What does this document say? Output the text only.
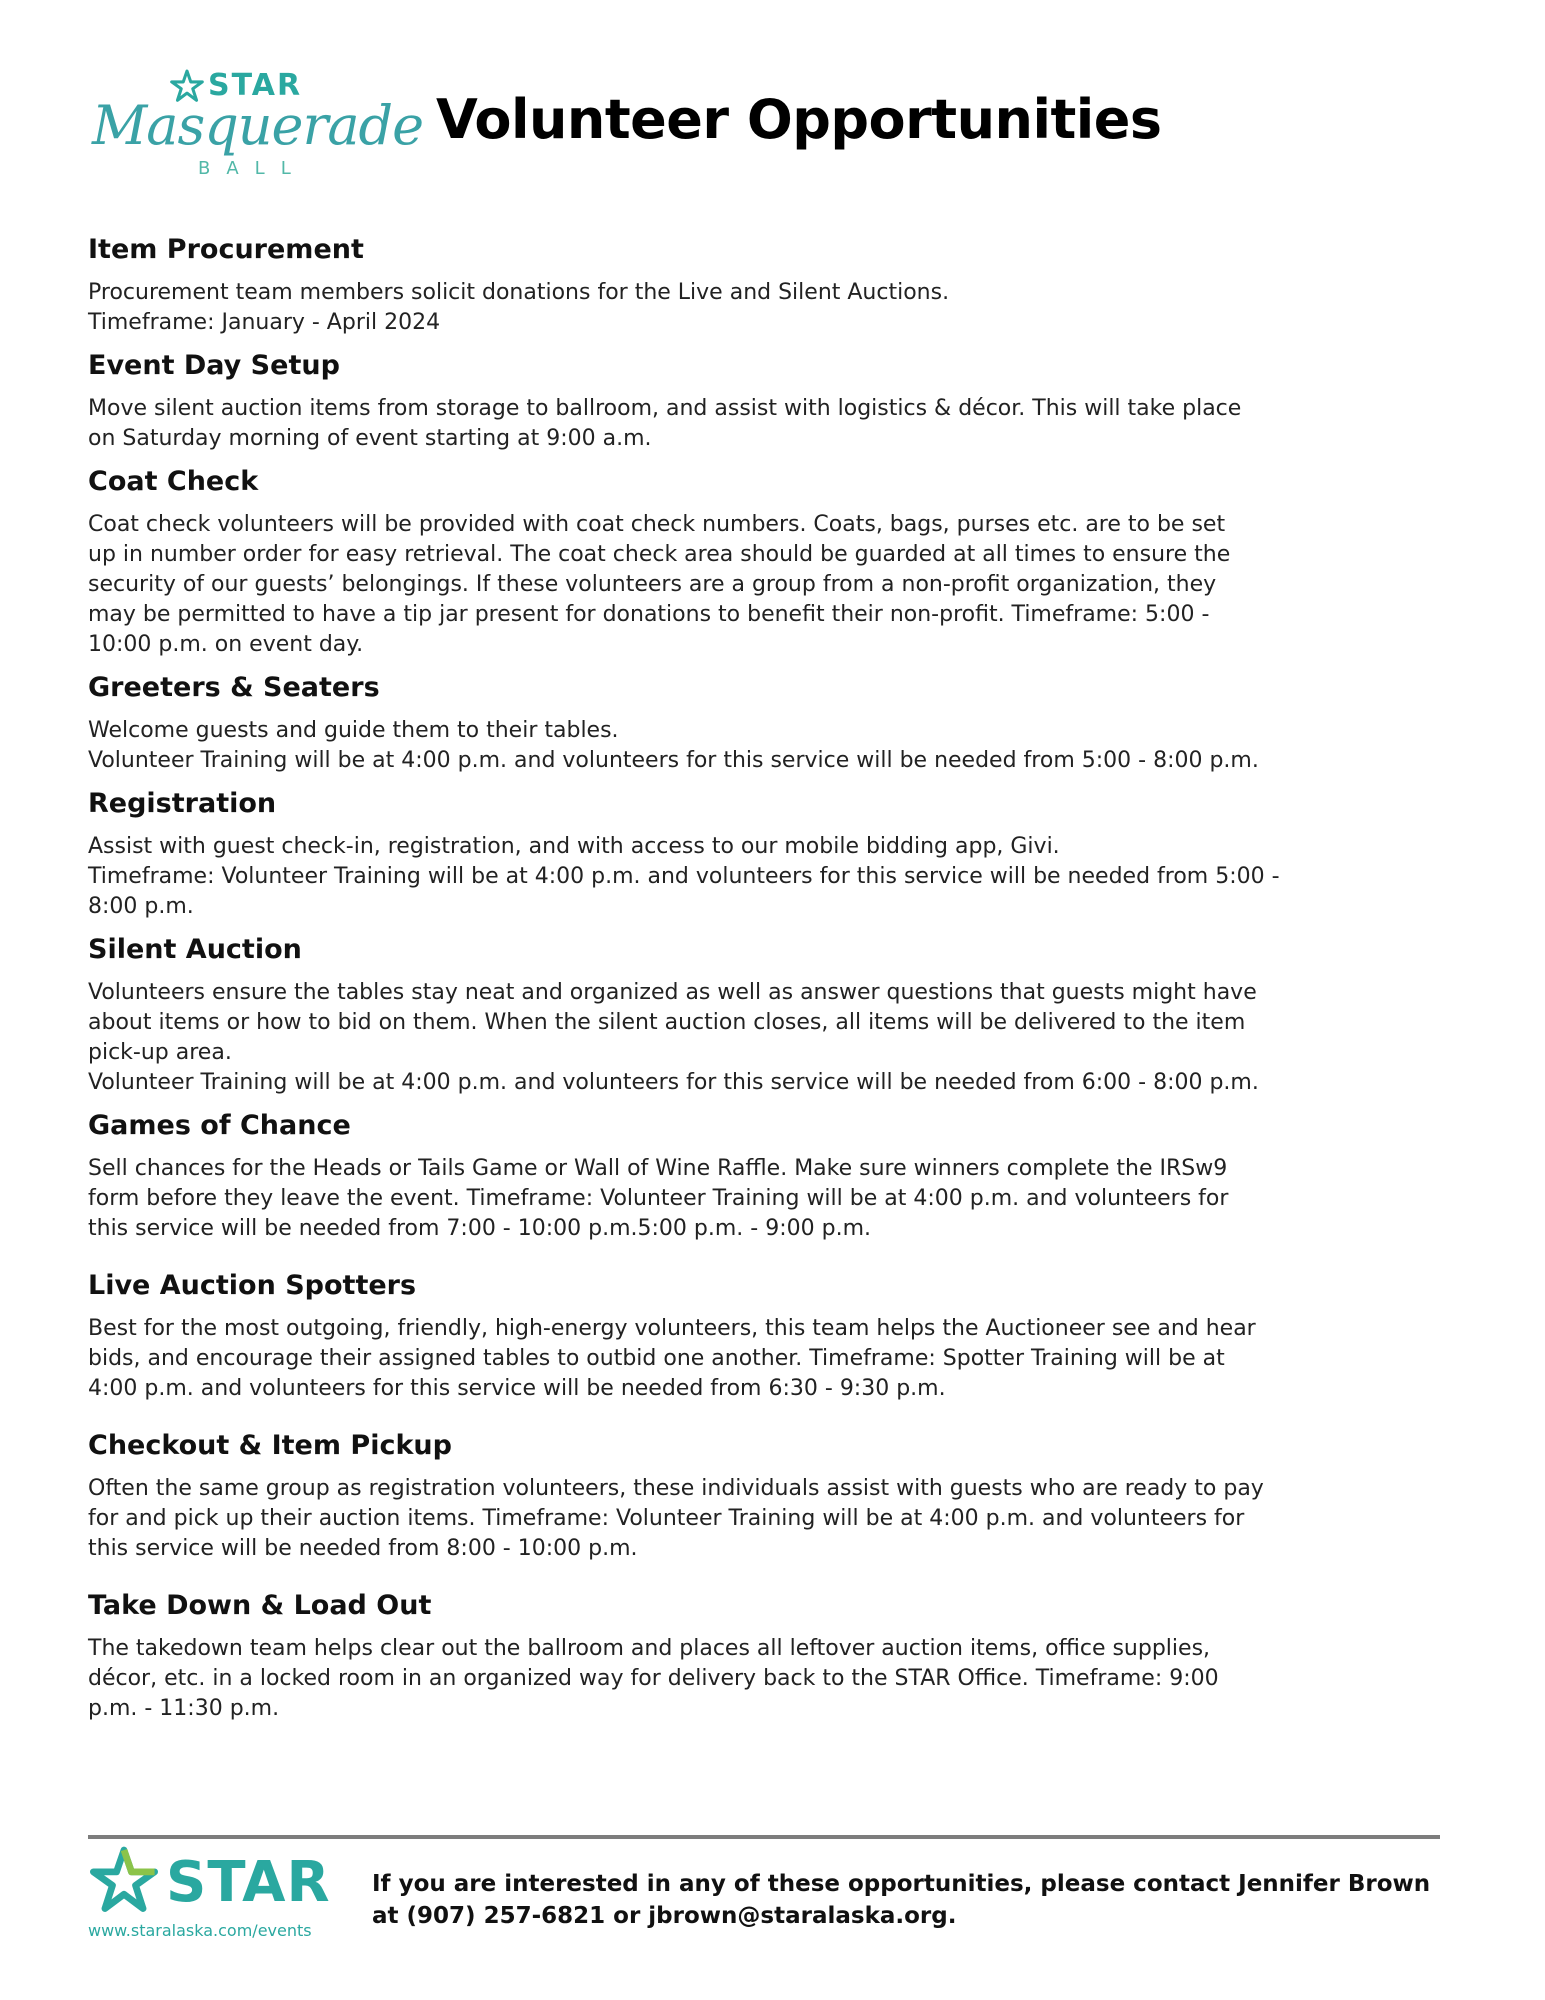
STAR
Masquerade
BALL
Volunteer Opportunities
Item Procurement

Procurement team members solicit donations for the Live and Silent Auctions.
Timeframe: January - April 2024

Event Day Setup

Move silent auction items from storage to ballroom, and assist with logistics & décor. This will take place
on Saturday morning of event starting at 9:00 a.m.

Coat Check

Coat check volunteers will be provided with coat check numbers. Coats, bags, purses etc. are to be set
up in number order for easy retrieval. The coat check area should be guarded at all times to ensure the
security of our guests’ belongings. If these volunteers are a group from a non-profit organization, they
may be permitted to have a tip jar present for donations to benefit their non-profit. Timeframe: 5:00 -
10:00 p.m. on event day.

Greeters & Seaters

Welcome guests and guide them to their tables.
Volunteer Training will be at 4:00 p.m. and volunteers for this service will be needed from 5:00 - 8:00 p.m.

Registration

Assist with guest check-in, registration, and with access to our mobile bidding app, Givi.
Timeframe: Volunteer Training will be at 4:00 p.m. and volunteers for this service will be needed from 5:00 -
8:00 p.m.

Silent Auction

Volunteers ensure the tables stay neat and organized as well as answer questions that guests might have
about items or how to bid on them. When the silent auction closes, all items will be delivered to the item
pick-up area.
Volunteer Training will be at 4:00 p.m. and volunteers for this service will be needed from 6:00 - 8:00 p.m.

Games of Chance

Sell chances for the Heads or Tails Game or Wall of Wine Raffle. Make sure winners complete the IRSw9
form before they leave the event. Timeframe: Volunteer Training will be at 4:00 p.m. and volunteers for
this service will be needed from 7:00 - 10:00 p.m.5:00 p.m. - 9:00 p.m.

Live Auction Spotters

Best for the most outgoing, friendly, high-energy volunteers, this team helps the Auctioneer see and hear
bids, and encourage their assigned tables to outbid one another. Timeframe: Spotter Training will be at
4:00 p.m. and volunteers for this service will be needed from 6:30 - 9:30 p.m.

Checkout & Item Pickup

Often the same group as registration volunteers, these individuals assist with guests who are ready to pay
for and pick up their auction items. Timeframe: Volunteer Training will be at 4:00 p.m. and volunteers for
this service will be needed from 8:00 - 10:00 p.m.

Take Down & Load Out

The takedown team helps clear out the ballroom and places all leftover auction items, office supplies,
décor, etc. in a locked room in an organized way for delivery back to the STAR Office. Timeframe: 9:00
p.m. - 11:30 p.m.

STAR
www.staralaska.com/events
If you are interested in any of these opportunities, please contact Jennifer Brown
at (907) 257-6821 or jbrown@staralaska.org.
